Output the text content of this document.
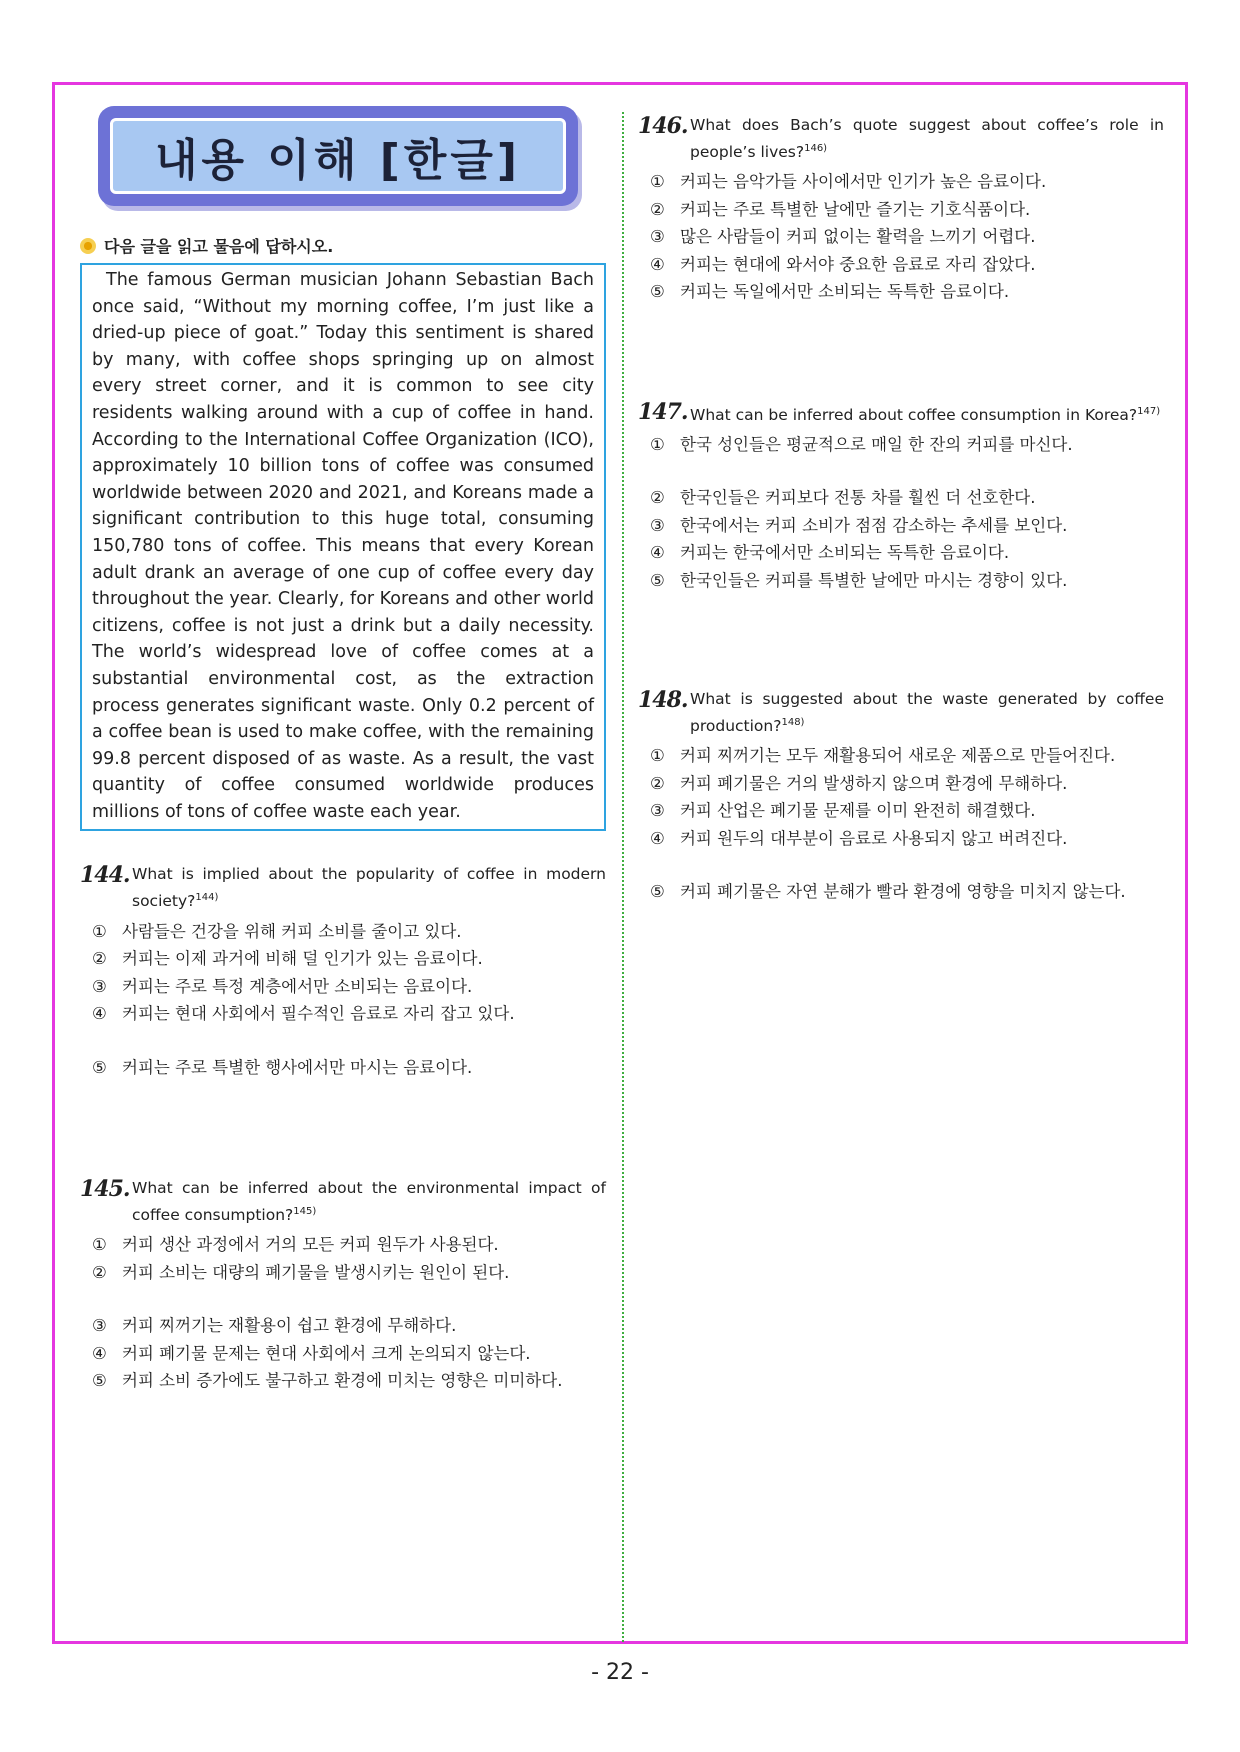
내용 이해 [한글]
다음 글을 읽고 물음에 답하시오.
The famous German musician Johann Sebastian Bach once said, “Without my morning coffee, I’m just like a dried-up piece of goat.” Today this sentiment is shared by many, with coffee shops springing up on almost every street corner, and it is common to see city residents walking around with a cup of coffee in hand. According to the International Coffee Organization (ICO), approximately 10 billion tons of coffee was consumed worldwide between 2020 and 2021, and Koreans made a significant contribution to this huge total, consuming 150,780 tons of coffee. This means that every Korean adult drank an average of one cup of coffee every day throughout the year. Clearly, for Koreans and other world citizens, coffee is not just a drink but a daily necessity. The world’s widespread love of coffee comes at a substantial environmental cost, as the extraction process generates significant waste. Only 0.2 percent of a coffee bean is used to make coffee, with the remaining 99.8 percent disposed of as waste. As a result, the vast quantity of coffee consumed worldwide produces millions of tons of coffee waste each year.
144. What is implied about the popularity of coffee in modern society?$^{144)}$
① 사람들은 건강을 위해 커피 소비를 줄이고 있다.
② 커피는 이제 과거에 비해 덜 인기가 있는 음료이다.
③ 커피는 주로 특정 계층에서만 소비되는 음료이다.
④ 커피는 현대 사회에서 필수적인 음료로 자리 잡고 있다.
⑤ 커피는 주로 특별한 행사에서만 마시는 음료이다.
145. What can be inferred about the environmental impact of coffee consumption?$^{145)}$
① 커피 생산 과정에서 거의 모든 커피 원두가 사용된다.
② 커피 소비는 대량의 폐기물을 발생시키는 원인이 된다.
③ 커피 찌꺼기는 재활용이 쉽고 환경에 무해하다.
④ 커피 폐기물 문제는 현대 사회에서 크게 논의되지 않는다.
⑤ 커피 소비 증가에도 불구하고 환경에 미치는 영향은 미미하다.
146. What does Bach’s quote suggest about coffee’s role in people’s lives?$^{146)}$
① 커피는 음악가들 사이에서만 인기가 높은 음료이다.
② 커피는 주로 특별한 날에만 즐기는 기호식품이다.
③ 많은 사람들이 커피 없이는 활력을 느끼기 어렵다.
④ 커피는 현대에 와서야 중요한 음료로 자리 잡았다.
⑤ 커피는 독일에서만 소비되는 독특한 음료이다.
147. What can be inferred about coffee consumption in Korea?$^{147)}$
① 한국 성인들은 평균적으로 매일 한 잔의 커피를 마신다.
② 한국인들은 커피보다 전통 차를 훨씬 더 선호한다.
③ 한국에서는 커피 소비가 점점 감소하는 추세를 보인다.
④ 커피는 한국에서만 소비되는 독특한 음료이다.
⑤ 한국인들은 커피를 특별한 날에만 마시는 경향이 있다.
148. What is suggested about the waste generated by coffee production?$^{148)}$
① 커피 찌꺼기는 모두 재활용되어 새로운 제품으로 만들어진다.
② 커피 폐기물은 거의 발생하지 않으며 환경에 무해하다.
③ 커피 산업은 폐기물 문제를 이미 완전히 해결했다.
④ 커피 원두의 대부분이 음료로 사용되지 않고 버려진다.
⑤ 커피 폐기물은 자연 분해가 빨라 환경에 영향을 미치지 않는다.
- 22 -
